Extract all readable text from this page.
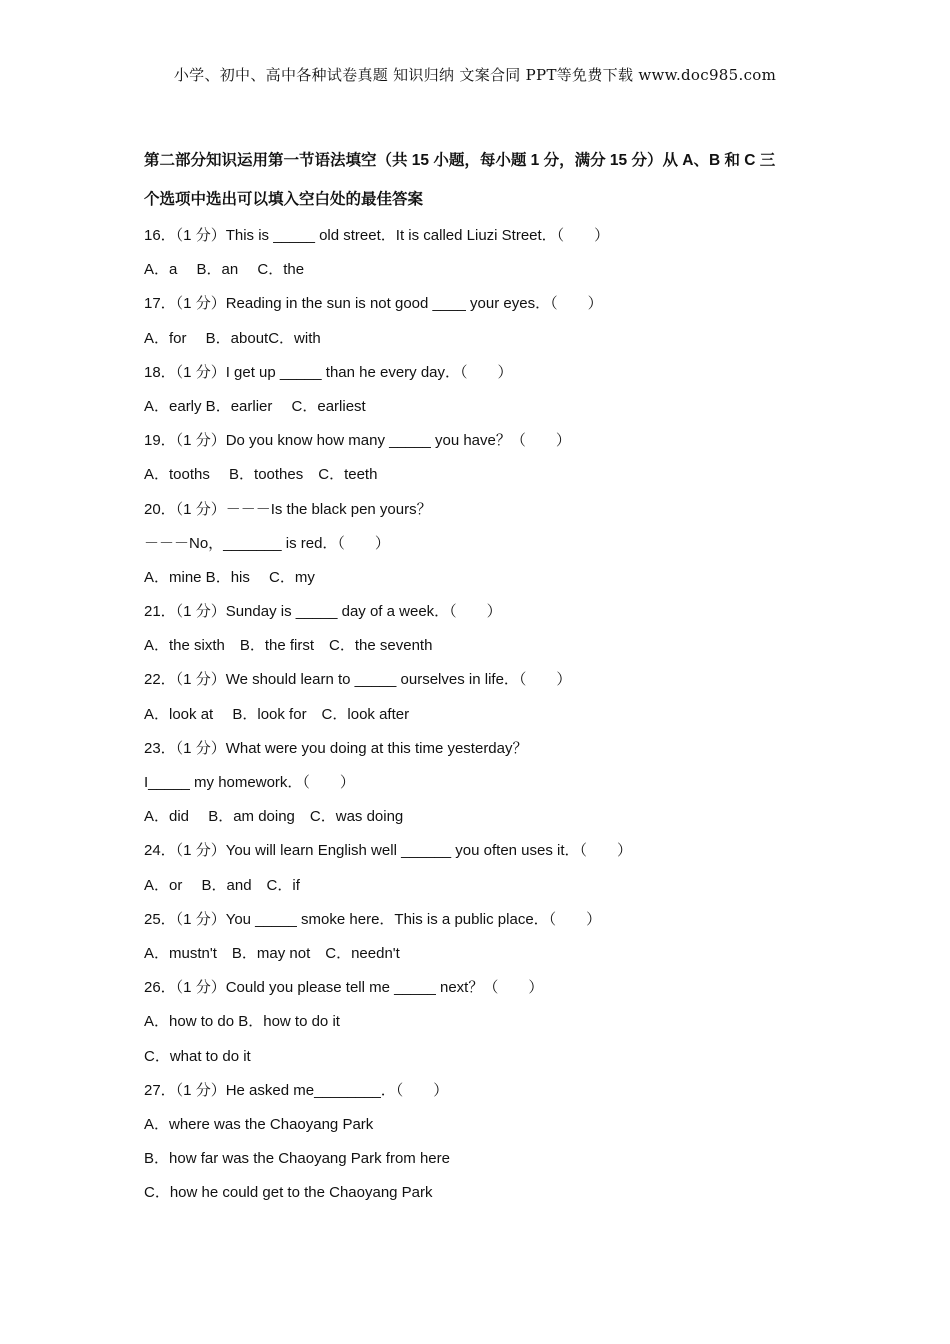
小学、初中、高中各种试卷真题 知识归纳 文案合同 PPT等免费下载 www.doc985.com

第二部分知识运用第一节语法填空（共 15 小题，每小题 1 分，满分 15 分）从 A、B 和 C 三

个选项中选出可以填入空白处的最佳答案

16．（1 分）This is _____ old street．It is called Liuzi Street．（　　）

A．a　 B．an　 C．the

17．（1 分）Reading in the sun is not good ____ your eyes．（　　）

A．for　 B．aboutC．with

18．（1 分）I get up _____ than he every day．（　　）

A．early B．earlier　 C．earliest

19．（1 分）Do you know how many _____ you have？（　　）

A．tooths　 B．toothes　C．teeth

20．（1 分）－－－Is the black pen yours？

－－－No，_______ is red．（　　）

A．mine B．his　 C．my

21．（1 分）Sunday is _____ day of a week．（　　）

A．the sixth　B．the first　C．the seventh

22．（1 分）We should learn to _____ ourselves in life．（　　）

A．look at　 B．look for　C．look after

23．（1 分）What were you doing at this time yesterday？

I_____ my homework．（　　）

A．did　 B．am doing　C．was doing

24．（1 分）You will learn English well ______ you often uses it．（　　）

A．or　 B．and　C．if

25．（1 分）You _____ smoke here．This is a public place．（　　）

A．mustn't　B．may not　C．needn't

26．（1 分）Could you please tell me _____ next？（　　）

A．how to do B．how to do it

C．what to do it

27．（1 分）He asked me________．（　　）

A．where was the Chaoyang Park

B．how far was the Chaoyang Park from here

C．how he could get to the Chaoyang Park
